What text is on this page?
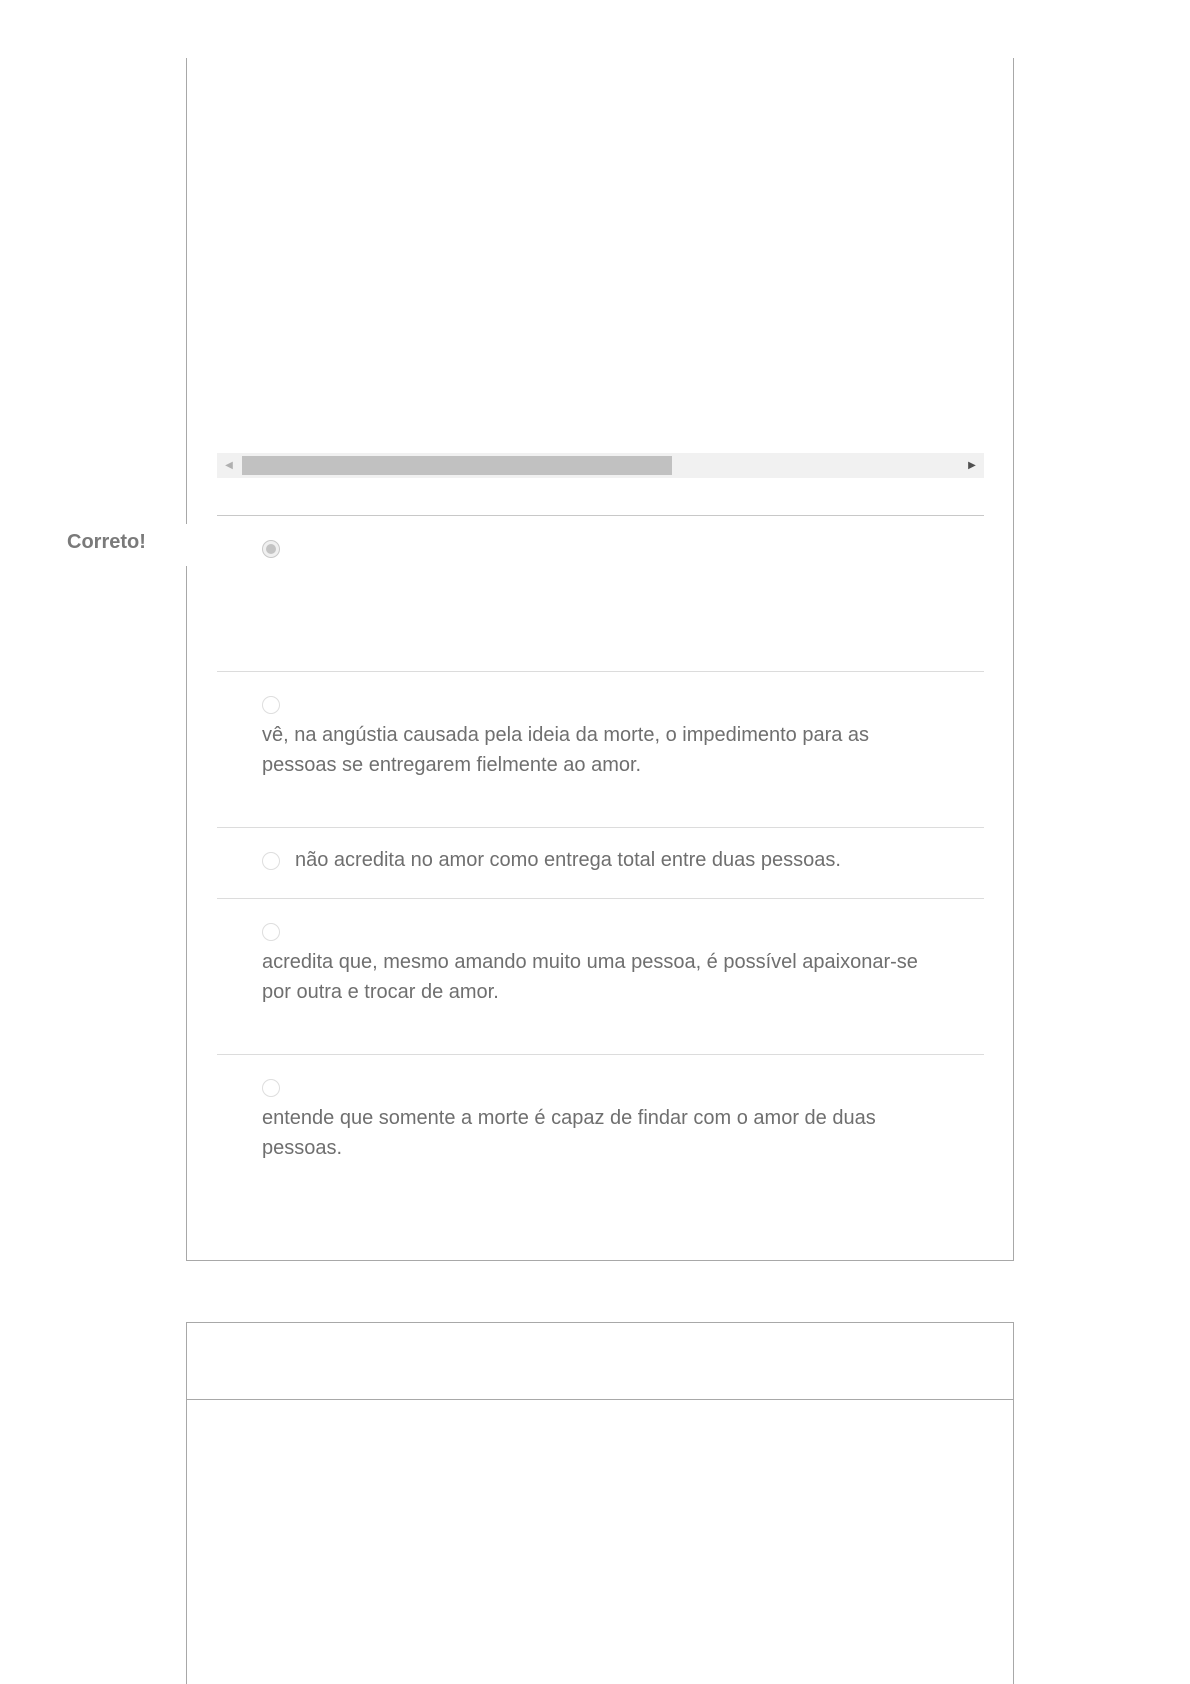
Correto!
◀	▶
vê, na angústia causada pela ideia da morte, o impedimento para as pessoas se entregarem fielmente ao amor.
não acredita no amor como entrega total entre duas pessoas.
acredita que, mesmo amando muito uma pessoa, é possível apaixonar-se por outra e trocar de amor.
entende que somente a morte é capaz de findar com o amor de duas pessoas.
